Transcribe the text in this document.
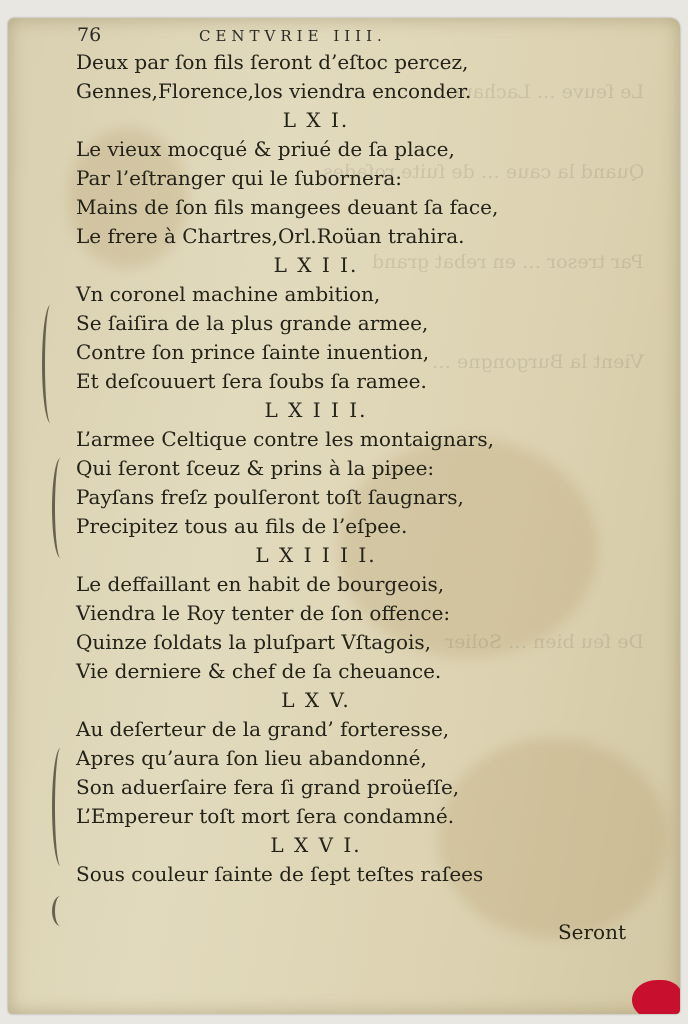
Le ſeuve … Lachaue
Quand la caue … de ſuite roſades
Par tresor … en rebat grand
Vient la Burgongne …
De ſeu bien … Solier
76	CENTVRIE IIII.
Deux par ſon fils ſeront d’eſtoc percez,
Gennes,Florence,los viendra enconder.
L X I.
Le vieux mocqué & priué de ſa place,
Par l’eſtranger qui le ſubornera:
Mains de ſon fils mangees deuant ſa face,
Le frere à Chartres,Orl.Roüan trahira.
L X I I.
Vn coronel machine ambition,
Se ſaiſira de la plus grande armee,
Contre ſon prince ſainte inuention,
Et deſcouuert ſera ſoubs ſa ramee.
L X I I I.
L’armee Celtique contre les montaignars,
Qui ſeront ſceuz & prins à la pipee:
Payſans freſz poulſeront toſt ſaugnars,
Precipitez tous au fils de l’eſpee.
L X I I I I.
Le deffaillant en habit de bourgeois,
Viendra le Roy tenter de ſon offence:
Quinze ſoldats la pluſpart Vſtagois,
Vie derniere & chef de ſa cheuance.
L X V.
Au deſerteur de la grand’ forteresse,
Apres qu’aura ſon lieu abandonné,
Son aduerſaire fera ſi grand proüeſſe,
L’Empereur toſt mort ſera condamné.
L X V I.
Sous couleur ſainte de ſept teſtes raſees
Seront
